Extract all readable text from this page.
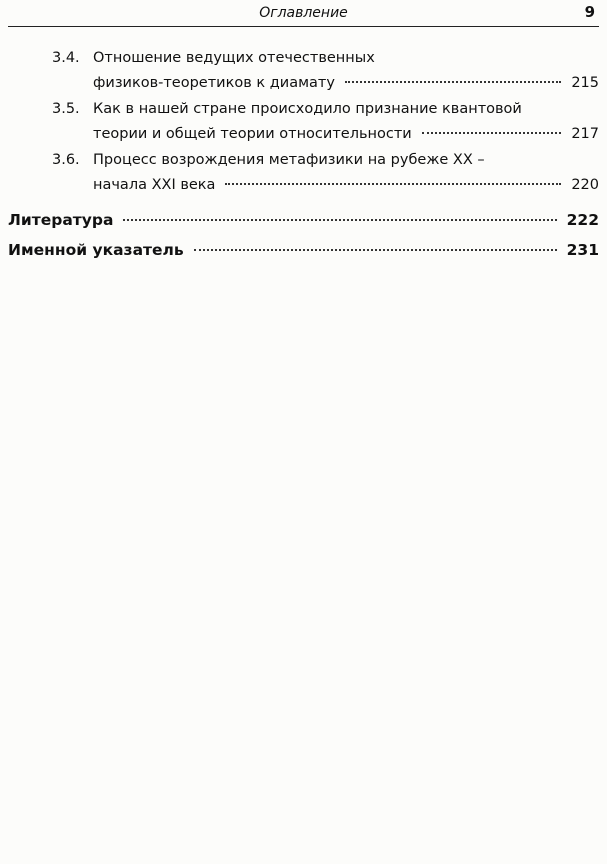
Оглавление	9
3.4. Отношение ведущих отечественных
физиков-теоретиков к диамату	215
3.5. Как в нашей стране происходило признание квантовой
теории и общей теории относительности	217
3.6. Процесс возрождения метафизики на рубеже XX –
начала XXI века	220
Литература	222
Именной указатель	231
